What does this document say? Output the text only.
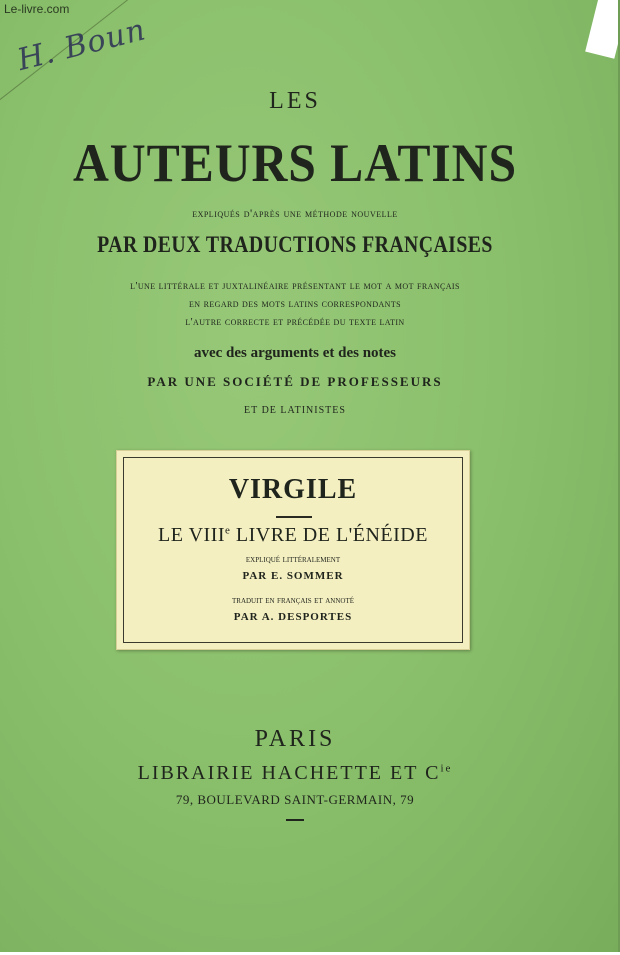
Le-livre.com
H. Boun
LES
AUTEURS LATINS
expliqués d'après une méthode nouvelle
PAR DEUX TRADUCTIONS FRANÇAISES
l'une littérale et juxtalinéaire présentant le mot a mot français
en regard des mots latins correspondants
l'autre correcte et précédée du texte latin
avec des arguments et des notes
PAR UNE SOCIÉTÉ DE PROFESSEURS
ET DE LATINISTES
VIRGILE
LE VIIIe LIVRE DE L'ÉNÉIDE
expliqué littéralement
PAR E. SOMMER
traduit en français et annoté
PAR A. DESPORTES
PARIS
LIBRAIRIE HACHETTE ET $C^{ie}$
79, BOULEVARD SAINT-GERMAIN, 79
